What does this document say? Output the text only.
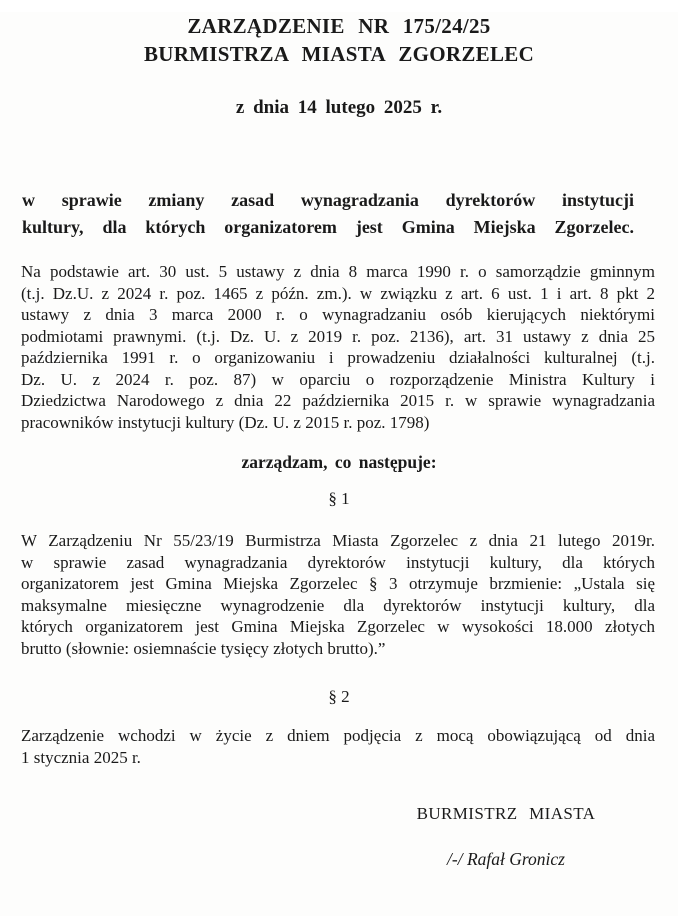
ZARZĄDZENIE NR 175/24/25
BURMISTRZA MIASTA ZGORZELEC
z dnia 14 lutego 2025 r.
w sprawie zmiany zasad wynagradzania dyrektorów instytucji
kultury, dla których organizatorem jest Gmina Miejska Zgorzelec.
Na podstawie art. 30 ust. 5 ustawy z dnia 8 marca 1990 r. o samorządzie gminnym
(t.j. Dz.U. z 2024 r. poz. 1465 z późn. zm.). w związku z art. 6 ust. 1 i art. 8 pkt 2
ustawy z dnia 3 marca 2000 r. o wynagradzaniu osób kierujących niektórymi
podmiotami prawnymi. (t.j. Dz. U. z 2019 r. poz. 2136), art. 31 ustawy z dnia 25
października 1991 r. o organizowaniu i prowadzeniu działalności kulturalnej (t.j.
Dz. U. z 2024 r. poz. 87) w oparciu o rozporządzenie Ministra Kultury i
Dziedzictwa Narodowego z dnia 22 października 2015 r. w sprawie wynagradzania
pracowników instytucji kultury (Dz. U. z 2015 r. poz. 1798)
zarządzam, co następuje:
§ 1
W Zarządzeniu Nr 55/23/19 Burmistrza Miasta Zgorzelec z dnia 21 lutego 2019r.
w sprawie zasad wynagradzania dyrektorów instytucji kultury, dla których
organizatorem jest Gmina Miejska Zgorzelec § 3 otrzymuje brzmienie: „Ustala się
maksymalne miesięczne wynagrodzenie dla dyrektorów instytucji kultury, dla
których organizatorem jest Gmina Miejska Zgorzelec w wysokości 18.000 złotych
brutto (słownie: osiemnaście tysięcy złotych brutto).”
§ 2
Zarządzenie wchodzi w życie z dniem podjęcia z mocą obowiązującą od dnia
1 stycznia 2025 r.
BURMISTRZ MIASTA
/-/ Rafał Gronicz
